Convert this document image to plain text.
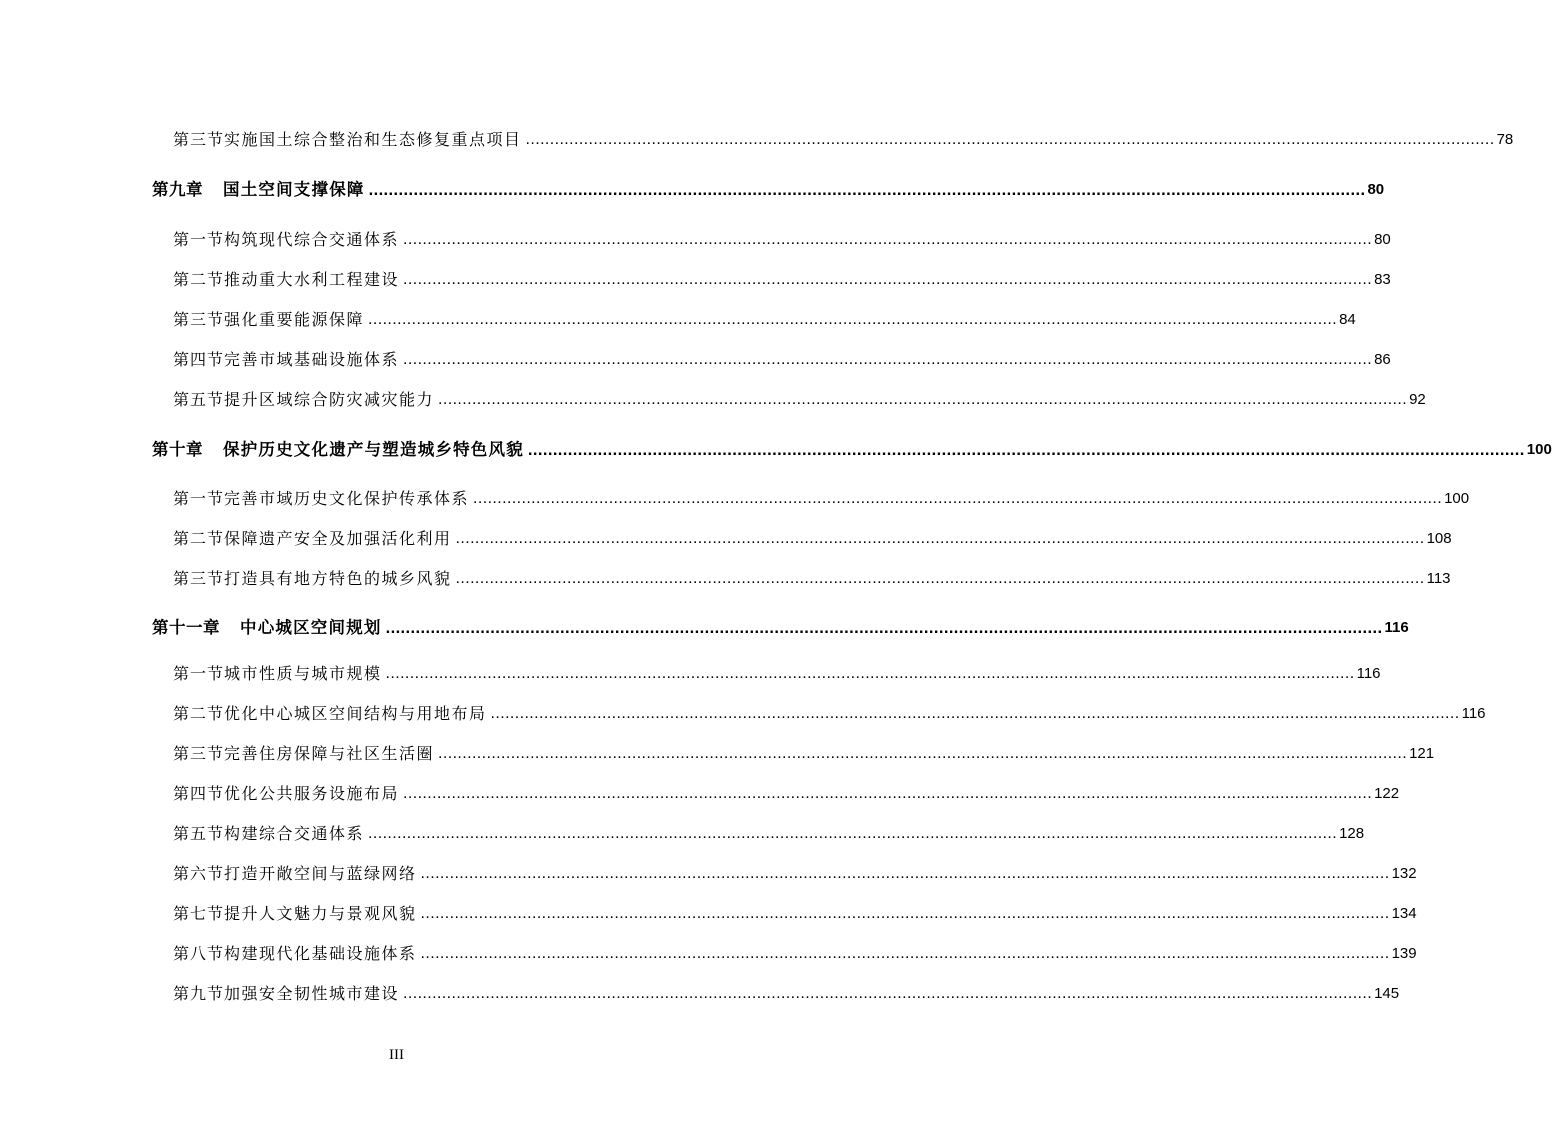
第三节 实施国土综合整治和生态修复重点项目 ........................................................................................................................................................................................................ 78
第九章 国土空间支撑保障 ........................................................................................................................................................................................................ 80
第一节 构筑现代综合交通体系 ........................................................................................................................................................................................................ 80
第二节 推动重大水利工程建设 ........................................................................................................................................................................................................ 83
第三节 强化重要能源保障 ........................................................................................................................................................................................................ 84
第四节 完善市域基础设施体系 ........................................................................................................................................................................................................ 86
第五节 提升区域综合防灾减灾能力 ........................................................................................................................................................................................................ 92
第十章 保护历史文化遗产与塑造城乡特色风貌 ........................................................................................................................................................................................................ 100
第一节 完善市域历史文化保护传承体系 ........................................................................................................................................................................................................ 100
第二节 保障遗产安全及加强活化利用 ........................................................................................................................................................................................................ 108
第三节 打造具有地方特色的城乡风貌 ........................................................................................................................................................................................................ 113
第十一章 中心城区空间规划 ........................................................................................................................................................................................................ 116
第一节 城市性质与城市规模 ........................................................................................................................................................................................................ 116
第二节 优化中心城区空间结构与用地布局 ........................................................................................................................................................................................................ 116
第三节 完善住房保障与社区生活圈 ........................................................................................................................................................................................................ 121
第四节 优化公共服务设施布局 ........................................................................................................................................................................................................ 122
第五节 构建综合交通体系 ........................................................................................................................................................................................................ 128
第六节 打造开敞空间与蓝绿网络 ........................................................................................................................................................................................................ 132
第七节 提升人文魅力与景观风貌 ........................................................................................................................................................................................................ 134
第八节 构建现代化基础设施体系 ........................................................................................................................................................................................................ 139
第九节 加强安全韧性城市建设 ........................................................................................................................................................................................................ 145
III
